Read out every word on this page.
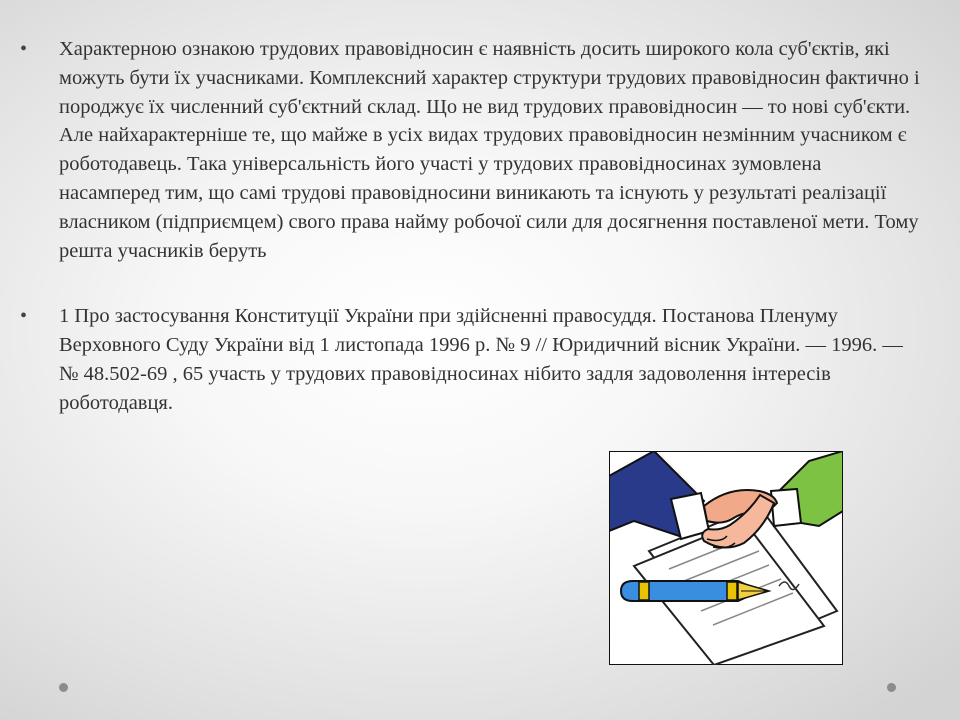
•	Характерною ознакою трудових правовідносин є наявність досить широкого кола суб'єктів, які можуть бути їх учасниками. Комплексний характер структури трудових правовідносин фактично і породжує їх численний суб'єктний склад. Що не вид трудових правовідносин — то нові суб'єкти. Але найхарактерніше те, що майже в усіх видах трудових правовідносин незмінним учасником є роботодавець. Така універсальність його участі у трудових правовідносинах зумовлена насамперед тим, що самі трудові правовідносини виникають та існують у результаті реалізації власником (підприємцем) свого права найму робочої сили для досягнення поставленої мети. Тому решта учасників беруть
•	1 Про застосування Конституції України при здійсненні правосуддя. Постанова Пленуму Верховного Суду України від 1 листопада 1996 р. № 9 // Юридичний вісник України. — 1996. — № 48.502-69 , 65 участь у трудових правовідносинах нібито задля задоволення інтересів роботодавця.
